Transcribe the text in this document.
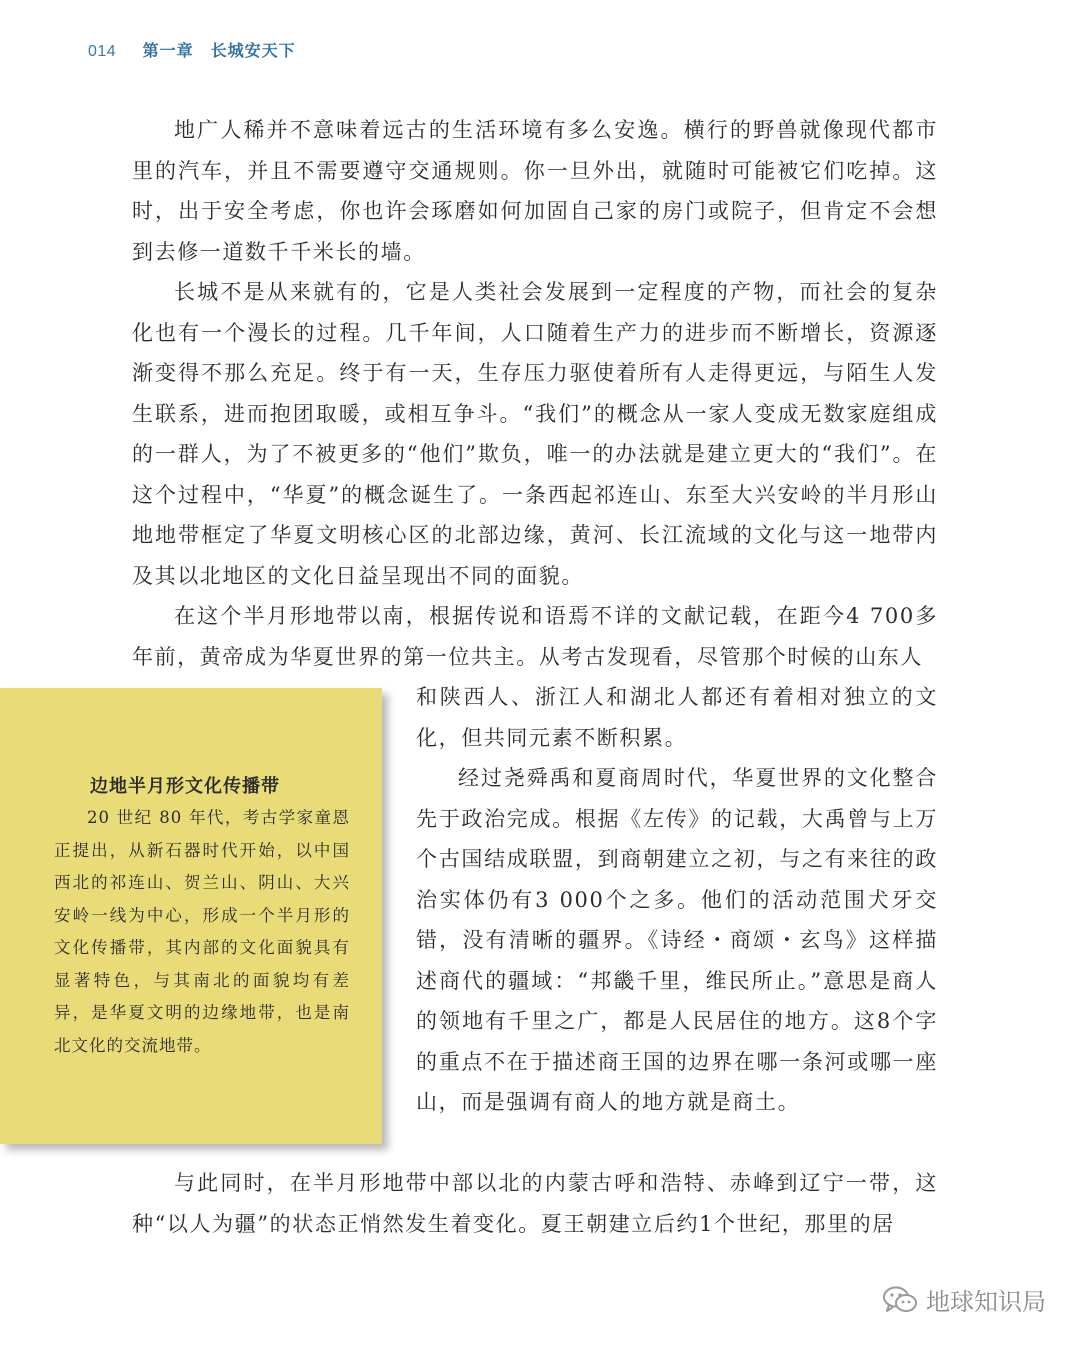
014 第一章　长城安天下

地广人稀并不意味着远古的生活环境有多么安逸。横行的野兽就像现代都市里的汽车，并且不需要遵守交通规则。你一旦外出，就随时可能被它们吃掉。这时，出于安全考虑，你也许会琢磨如何加固自己家的房门或院子，但肯定不会想到去修一道数千千米长的墙。

长城不是从来就有的，它是人类社会发展到一定程度的产物，而社会的复杂化也有一个漫长的过程。几千年间，人口随着生产力的进步而不断增长，资源逐渐变得不那么充足。终于有一天，生存压力驱使着所有人走得更远，与陌生人发生联系，进而抱团取暖，或相互争斗。“我们”的概念从一家人变成无数家庭组成的一群人，为了不被更多的“他们”欺负，唯一的办法就是建立更大的“我们”。在这个过程中，“华夏”的概念诞生了。一条西起祁连山、东至大兴安岭的半月形山地地带框定了华夏文明核心区的北部边缘，黄河、长江流域的文化与这一地带内及其以北地区的文化日益呈现出不同的面貌。

在这个半月形地带以南，根据传说和语焉不详的文献记载，在距今4 700多年前，黄帝成为华夏世界的第一位共主。从考古发现看，尽管那个时候的山东人

和陕西人、浙江人和湖北人都还有着相对独立的文化，但共同元素不断积累。

经过尧舜禹和夏商周时代，华夏世界的文化整合先于政治完成。根据《左传》的记载，大禹曾与上万个古国结成联盟，到商朝建立之初，与之有来往的政治实体仍有3 000个之多。他们的活动范围犬牙交错，没有清晰的疆界。《诗经・商颂・玄鸟》这样描述商代的疆域：“邦畿千里，维民所止。”意思是商人的领地有千里之广，都是人民居住的地方。这8个字的重点不在于描述商王国的边界在哪一条河或哪一座山，而是强调有商人的地方就是商土。

与此同时，在半月形地带中部以北的内蒙古呼和浩特、赤峰到辽宁一带，这种“以人为疆”的状态正悄然发生着变化。夏王朝建立后约1个世纪，那里的居

边地半月形文化传播带

20 世纪 80 年代，考古学家童恩正提出，从新石器时代开始，以中国西北的祁连山、贺兰山、阴山、大兴安岭一线为中心，形成一个半月形的文化传播带，其内部的文化面貌具有显著特色，与其南北的面貌均有差异，是华夏文明的边缘地带，也是南北文化的交流地带。

地球知识局
